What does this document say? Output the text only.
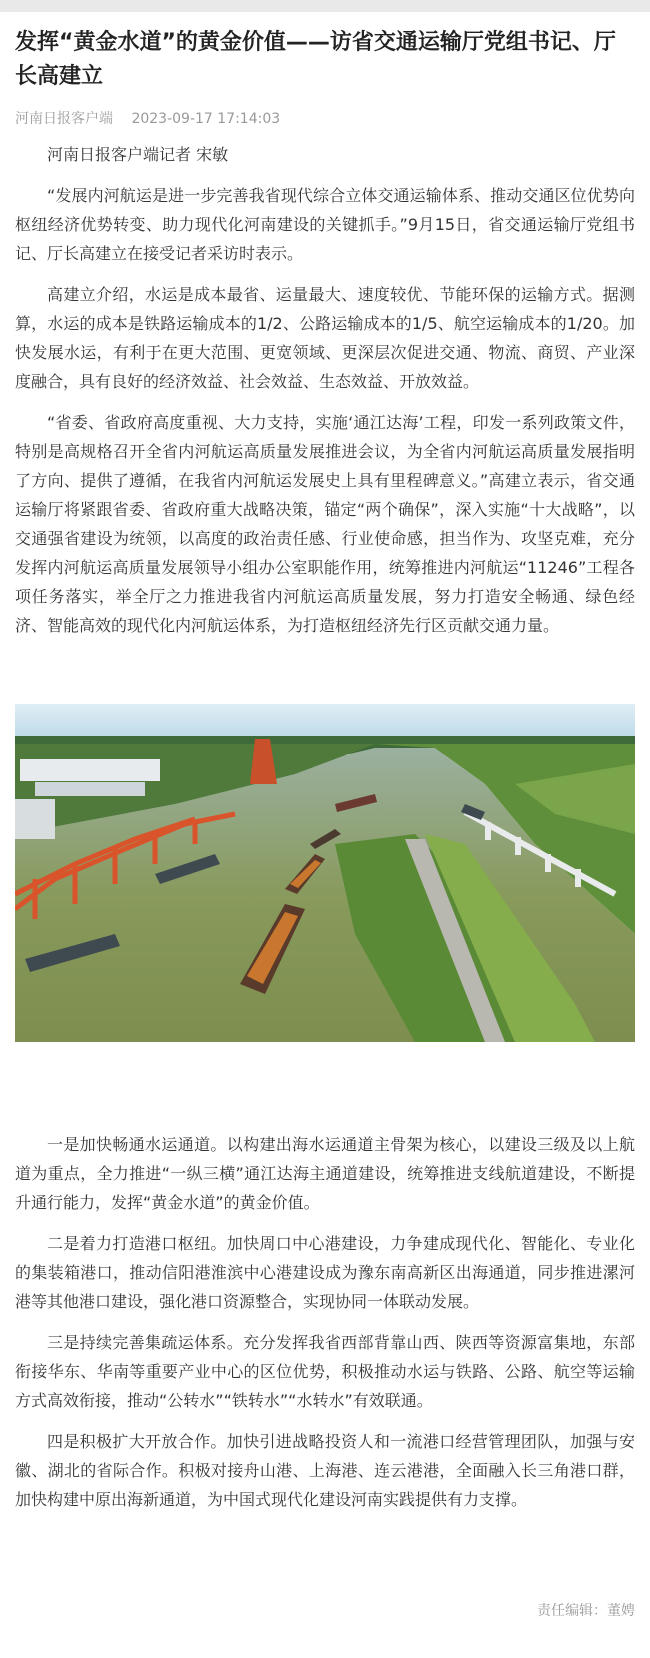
发挥“黄金水道”的黄金价值——访省交通运输厅党组书记、厅长高建立
河南日报客户端 2023-09-17 17:14:03

河南日报客户端记者 宋敏

“发展内河航运是进一步完善我省现代综合立体交通运输体系、推动交通区位优势向枢纽经济优势转变、助力现代化河南建设的关键抓手。”9月15日，省交通运输厅党组书记、厅长高建立在接受记者采访时表示。

高建立介绍，水运是成本最省、运量最大、速度较优、节能环保的运输方式。据测算，水运的成本是铁路运输成本的1/2、公路运输成本的1/5、航空运输成本的1/20。加快发展水运，有利于在更大范围、更宽领域、更深层次促进交通、物流、商贸、产业深度融合，具有良好的经济效益、社会效益、生态效益、开放效益。

“省委、省政府高度重视、大力支持，实施‘通江达海’工程，印发一系列政策文件，特别是高规格召开全省内河航运高质量发展推进会议，为全省内河航运高质量发展指明了方向、提供了遵循，在我省内河航运发展史上具有里程碑意义。”高建立表示，省交通运输厅将紧跟省委、省政府重大战略决策，锚定“两个确保”，深入实施“十大战略”，以交通强省建设为统领，以高度的政治责任感、行业使命感，担当作为、攻坚克难，充分发挥内河航运高质量发展领导小组办公室职能作用，统筹推进内河航运“11246”工程各项任务落实，举全厅之力推进我省内河航运高质量发展，努力打造安全畅通、绿色经济、智能高效的现代化内河航运体系，为打造枢纽经济先行区贡献交通力量。

一是加快畅通水运通道。以构建出海水运通道主骨架为核心，以建设三级及以上航道为重点，全力推进“一纵三横”通江达海主通道建设，统筹推进支线航道建设，不断提升通行能力，发挥“黄金水道”的黄金价值。

二是着力打造港口枢纽。加快周口中心港建设，力争建成现代化、智能化、专业化的集装箱港口，推动信阳港淮滨中心港建设成为豫东南高新区出海通道，同步推进漯河港等其他港口建设，强化港口资源整合，实现协同一体联动发展。

三是持续完善集疏运体系。充分发挥我省西部背靠山西、陕西等资源富集地，东部衔接华东、华南等重要产业中心的区位优势，积极推动水运与铁路、公路、航空等运输方式高效衔接，推动“公转水”“铁转水”“水转水”有效联通。

四是积极扩大开放合作。加快引进战略投资人和一流港口经营管理团队，加强与安徽、湖北的省际合作。积极对接舟山港、上海港、连云港港，全面融入长三角港口群，加快构建中原出海新通道，为中国式现代化建设河南实践提供有力支撑。

责任编辑：董娉
